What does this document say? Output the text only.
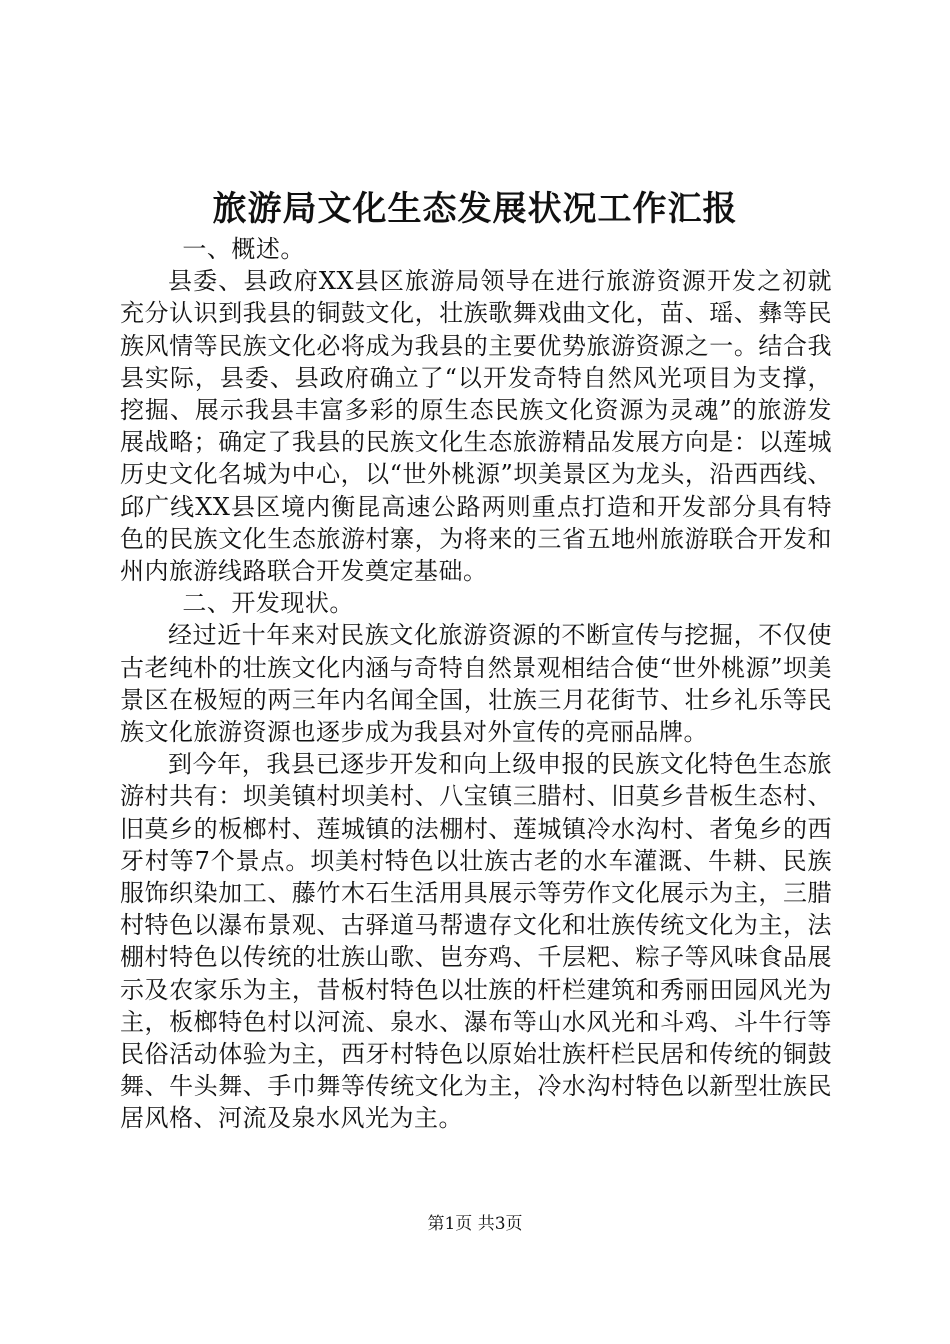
旅游局文化生态发展状况工作汇报

一、概述。

县委、县政府XX县区旅游局领导在进行旅游资源开发之初就充分认识到我县的铜鼓文化，壮族歌舞戏曲文化，苗、瑶、彝等民族风情等民族文化必将成为我县的主要优势旅游资源之一。结合我县实际，县委、县政府确立了“以开发奇特自然风光项目为支撑，挖掘、展示我县丰富多彩的原生态民族文化资源为灵魂”的旅游发展战略；确定了我县的民族文化生态旅游精品发展方向是：以莲城历史文化名城为中心，以“世外桃源”坝美景区为龙头，沿西西线、邱广线XX县区境内衡昆高速公路两则重点打造和开发部分具有特色的民族文化生态旅游村寨，为将来的三省五地州旅游联合开发和州内旅游线路联合开发奠定基础。

二、开发现状。

经过近十年来对民族文化旅游资源的不断宣传与挖掘，不仅使古老纯朴的壮族文化内涵与奇特自然景观相结合使“世外桃源”坝美景区在极短的两三年内名闻全国，壮族三月花街节、壮乡礼乐等民族文化旅游资源也逐步成为我县对外宣传的亮丽品牌。

到今年，我县已逐步开发和向上级申报的民族文化特色生态旅游村共有：坝美镇村坝美村、八宝镇三腊村、旧莫乡昔板生态村、旧莫乡的板榔村、莲城镇的法棚村、莲城镇冷水沟村、者兔乡的西牙村等7个景点。坝美村特色以壮族古老的水车灌溉、牛耕、民族服饰织染加工、藤竹木石生活用具展示等劳作文化展示为主，三腊村特色以瀑布景观、古驿道马帮遗存文化和壮族传统文化为主，法棚村特色以传统的壮族山歌、岜夯鸡、千层粑、粽子等风味食品展示及农家乐为主，昔板村特色以壮族的杆栏建筑和秀丽田园风光为主，板榔特色村以河流、泉水、瀑布等山水风光和斗鸡、斗牛行等民俗活动体验为主，西牙村特色以原始壮族杆栏民居和传统的铜鼓舞、牛头舞、手巾舞等传统文化为主，冷水沟村特色以新型壮族民居风格、河流及泉水风光为主。

第1页 共3页
